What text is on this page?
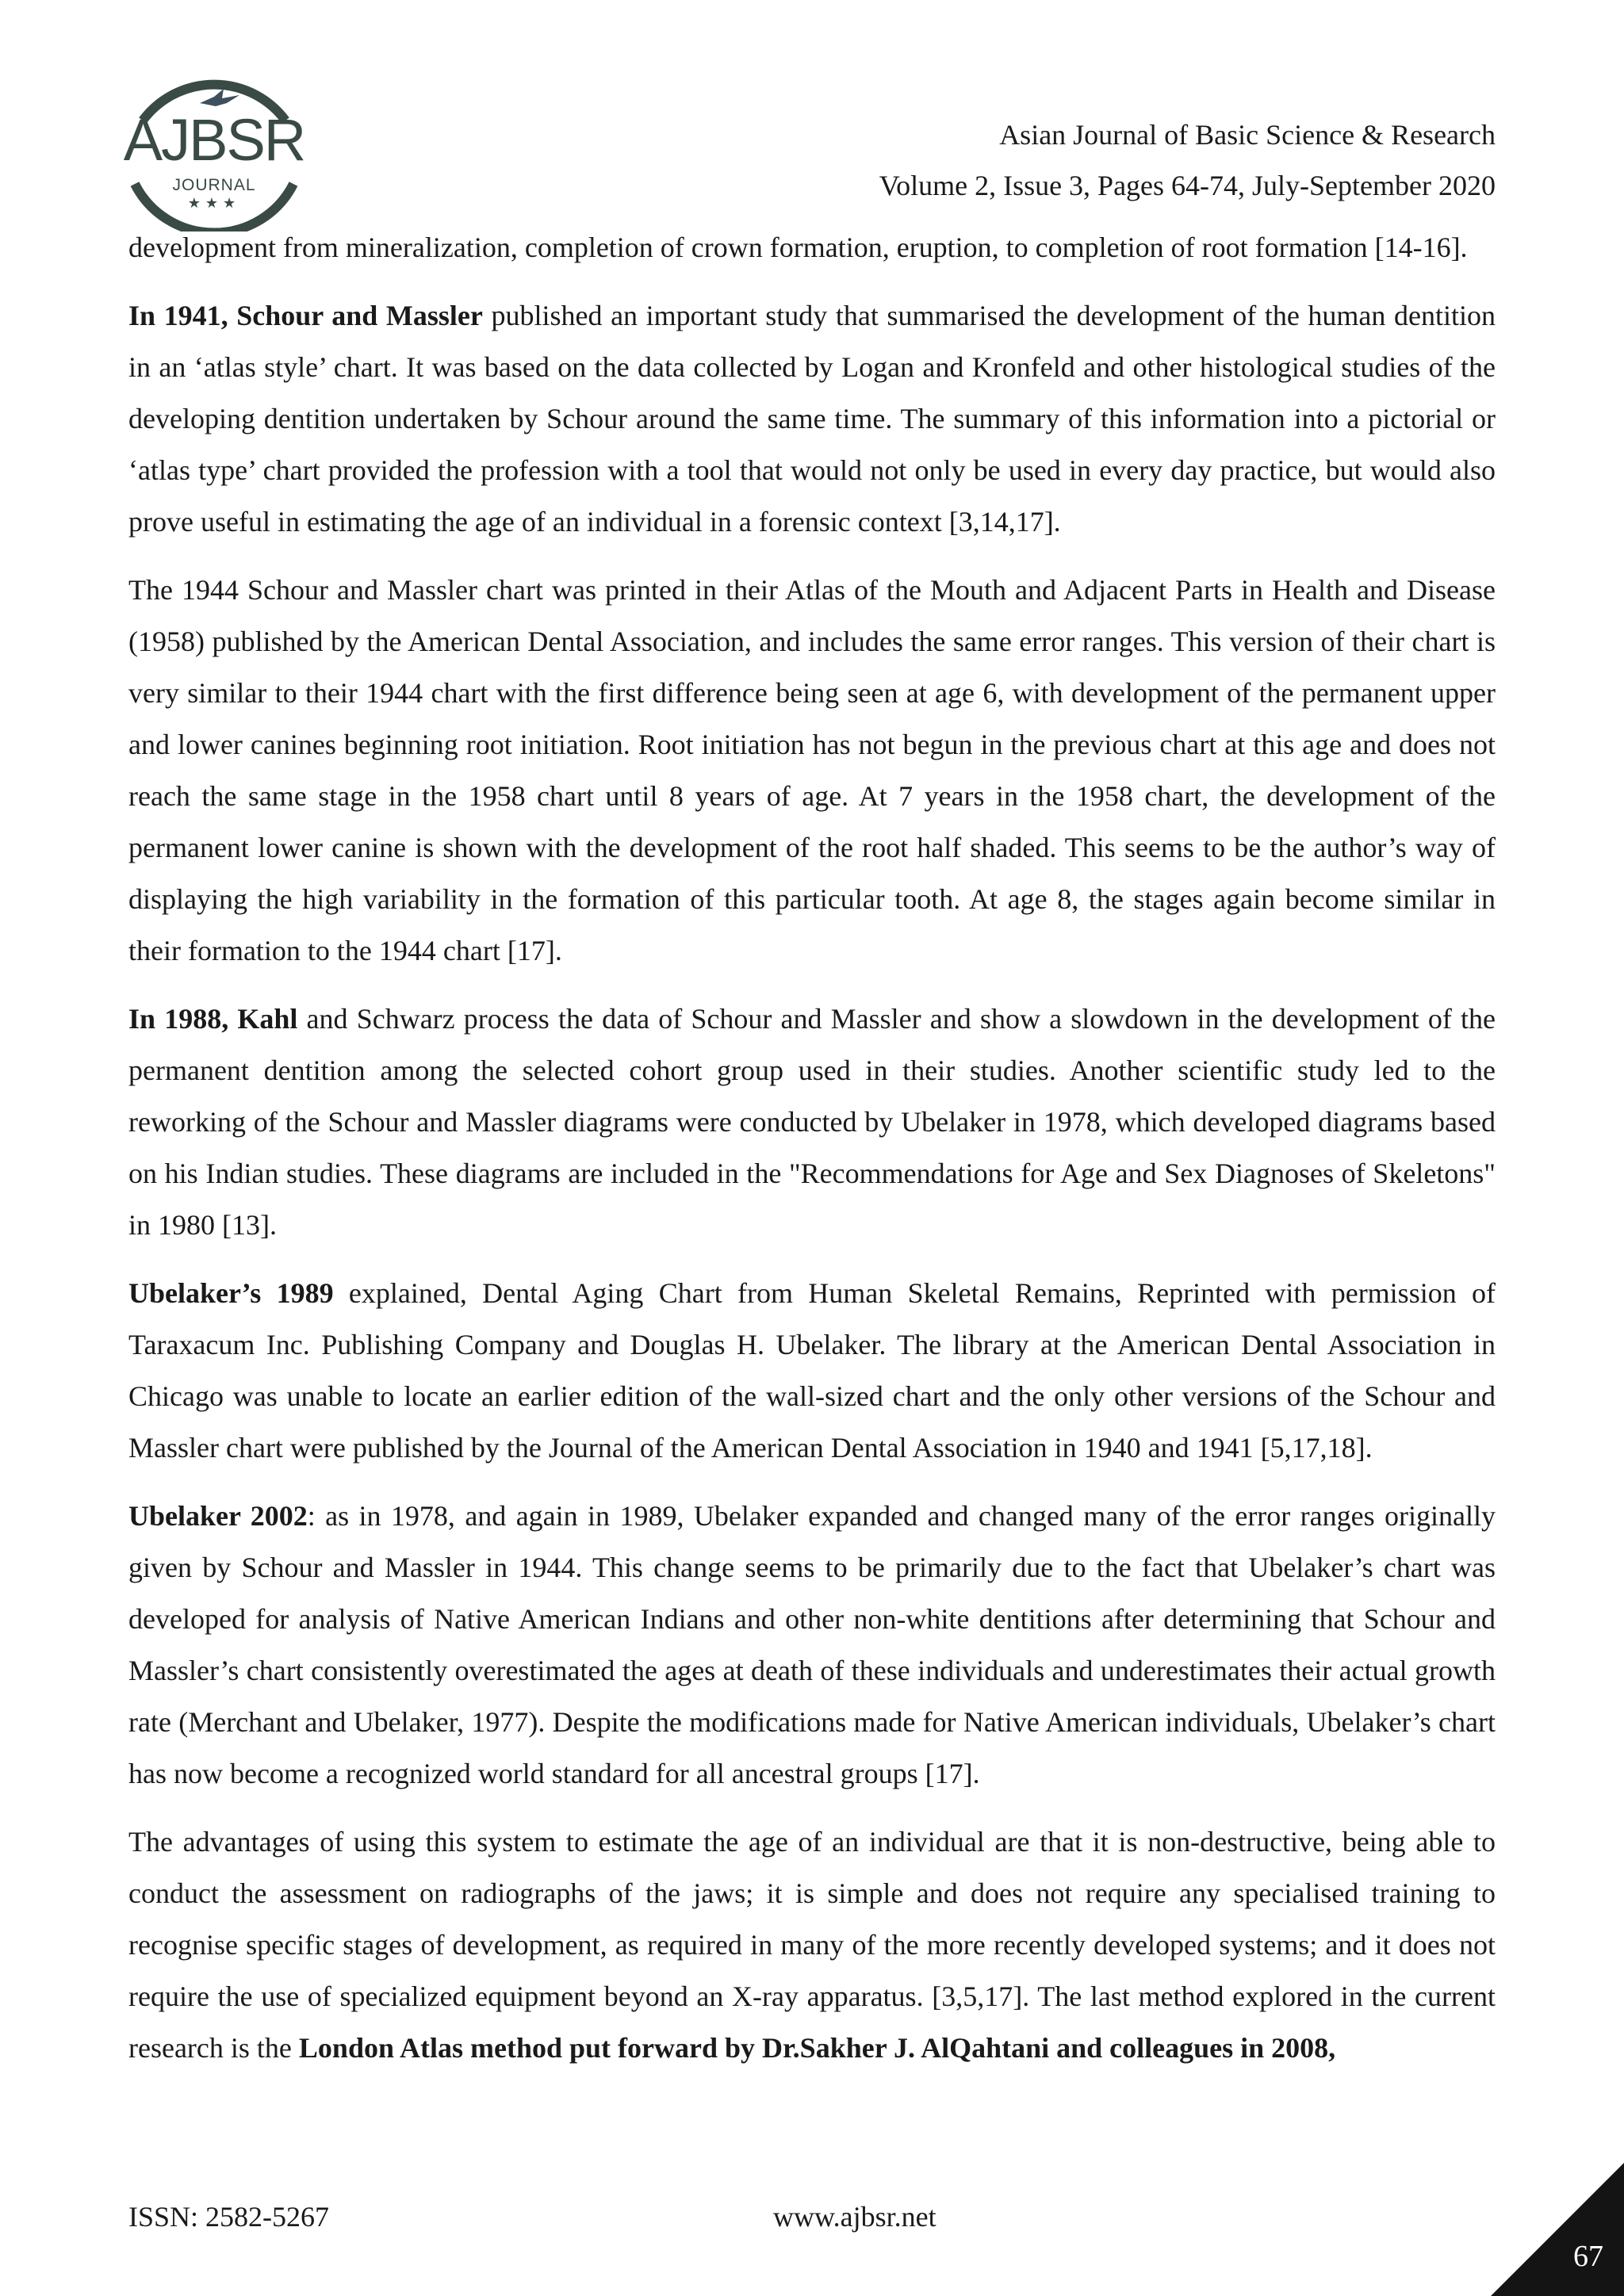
AJBSR
JOURNAL
★★★
Asian Journal of Basic Science & Research
Volume 2, Issue 3, Pages 64-74, July-September 2020

development from mineralization, completion of crown formation, eruption, to completion of root formation [14-16].

In 1941, Schour and Massler published an important study that summarised the development of the human dentition in an ‘atlas style’ chart. It was based on the data collected by Logan and Kronfeld and other histological studies of the developing dentition undertaken by Schour around the same time. The summary of this information into a pictorial or ‘atlas type’ chart provided the profession with a tool that would not only be used in every day practice, but would also prove useful in estimating the age of an individual in a forensic context [3,14,17].

The 1944 Schour and Massler chart was printed in their Atlas of the Mouth and Adjacent Parts in Health and Disease (1958) published by the American Dental Association, and includes the same error ranges. This version of their chart is very similar to their 1944 chart with the first difference being seen at age 6, with development of the permanent upper and lower canines beginning root initiation. Root initiation has not begun in the previous chart at this age and does not reach the same stage in the 1958 chart until 8 years of age. At 7 years in the 1958 chart, the development of the permanent lower canine is shown with the development of the root half shaded. This seems to be the author’s way of displaying the high variability in the formation of this particular tooth. At age 8, the stages again become similar in their formation to the 1944 chart [17].

In 1988, Kahl and Schwarz process the data of Schour and Massler and show a slowdown in the development of the permanent dentition among the selected cohort group used in their studies. Another scientific study led to the reworking of the Schour and Massler diagrams were conducted by Ubelaker in 1978, which developed diagrams based on his Indian studies. These diagrams are included in the "Recommendations for Age and Sex Diagnoses of Skeletons" in 1980 [13].

Ubelaker’s 1989 explained, Dental Aging Chart from Human Skeletal Remains, Reprinted with permission of Taraxacum Inc. Publishing Company and Douglas H. Ubelaker. The library at the American Dental Association in Chicago was unable to locate an earlier edition of the wall-sized chart and the only other versions of the Schour and Massler chart were published by the Journal of the American Dental Association in 1940 and 1941 [5,17,18].

Ubelaker 2002: as in 1978, and again in 1989, Ubelaker expanded and changed many of the error ranges originally given by Schour and Massler in 1944. This change seems to be primarily due to the fact that Ubelaker’s chart was developed for analysis of Native American Indians and other non-white dentitions after determining that Schour and Massler’s chart consistently overestimated the ages at death of these individuals and underestimates their actual growth rate (Merchant and Ubelaker, 1977). Despite the modifications made for Native American individuals, Ubelaker’s chart has now become a recognized world standard for all ancestral groups [17].

The advantages of using this system to estimate the age of an individual are that it is non-destructive, being able to conduct the assessment on radiographs of the jaws; it is simple and does not require any specialised training to recognise specific stages of development, as required in many of the more recently developed systems; and it does not require the use of specialized equipment beyond an X-ray apparatus. [3,5,17]. The last method explored in the current research is the London Atlas method put forward by Dr.Sakher J. AlQahtani and colleagues in 2008,

ISSN: 2582-5267	www.ajbsr.net
67
